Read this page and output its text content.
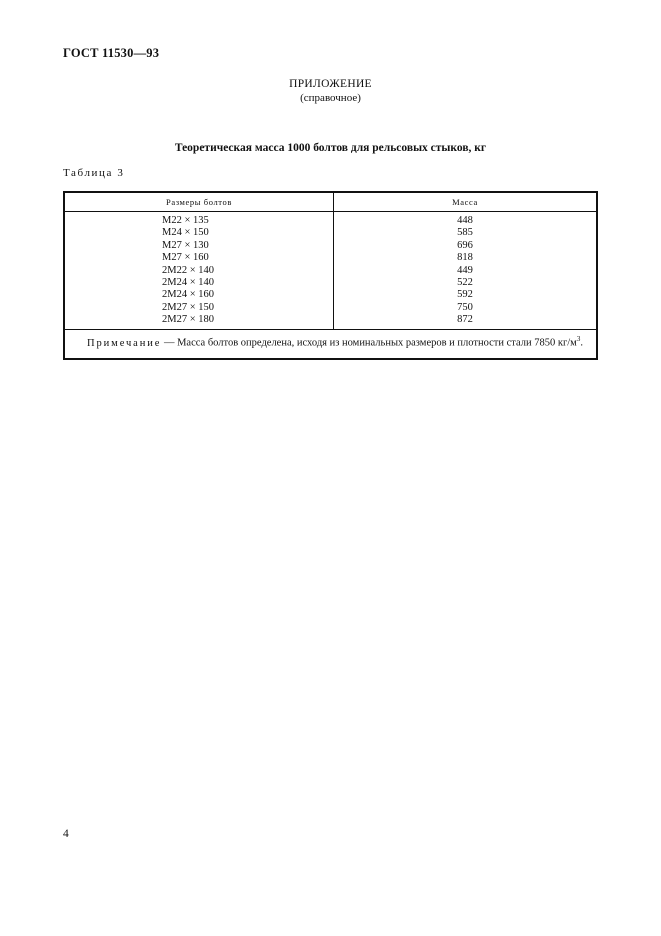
ГОСТ 11530—93
ПРИЛОЖЕНИЕ
(справочное)
Теоретическая масса 1000 болтов для рельсовых стыков, кг
Таблица 3
Размеры болтов	Масса
М22 × 135
М24 × 150
М27 × 130
М27 × 160
2М22 × 140
2М24 × 140
2М24 × 160
2М27 × 150
2М27 × 180
448
585
696
818
449
522
592
750
872
Примечание — Масса болтов определена, исходя из номинальных размеров и плотности стали 7850 $кг/м^3$.
4
